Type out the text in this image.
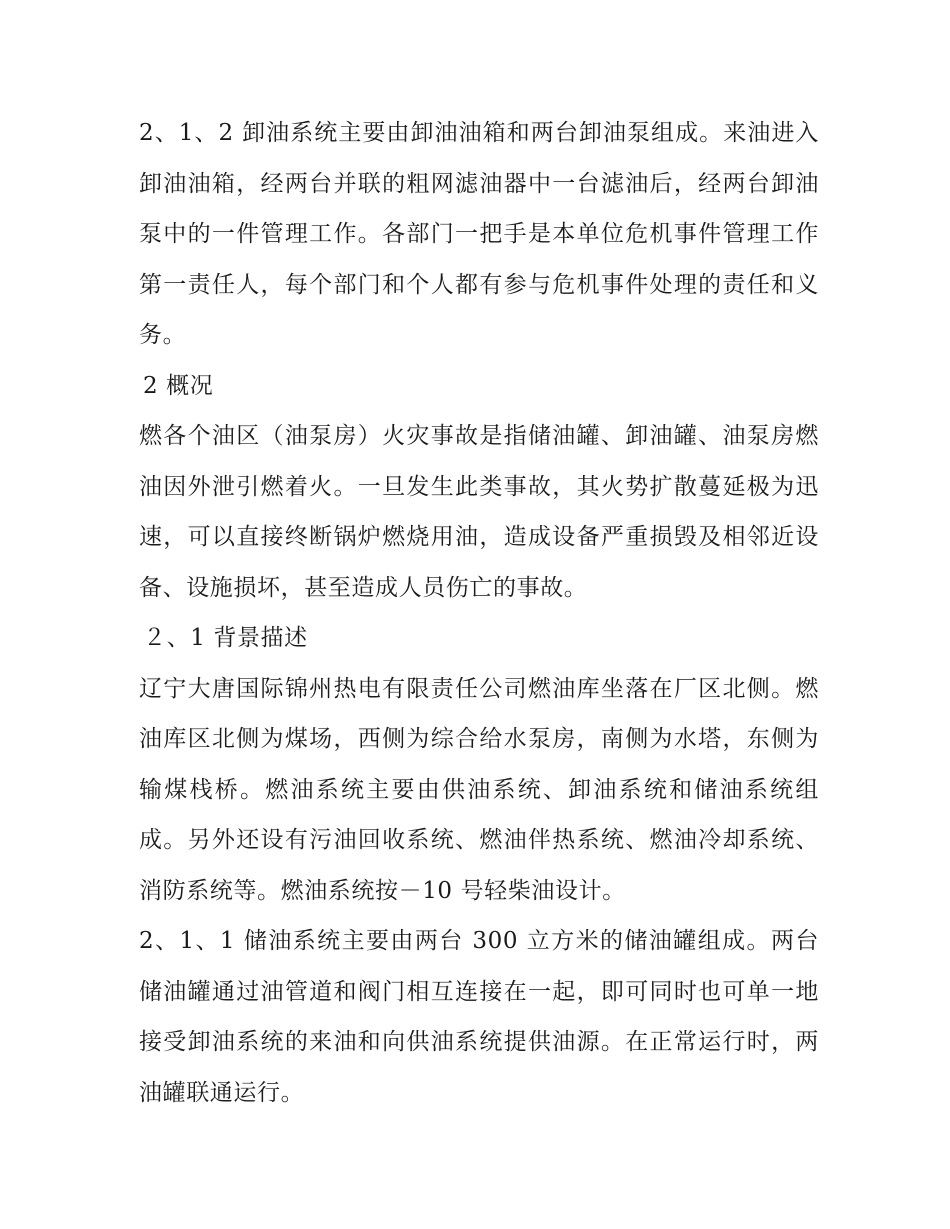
2、1、2 卸油系统主要由卸油油箱和两台卸油泵组成。来油进入卸油油箱，经两台并联的粗网滤油器中一台滤油后，经两台卸油泵中的一件管理工作。各部门一把手是本单位危机事件管理工作第一责任人，每个部门和个人都有参与危机事件处理的责任和义务。

2 概况

燃各个油区（油泵房）火灾事故是指储油罐、卸油罐、油泵房燃油因外泄引燃着火。一旦发生此类事故，其火势扩散蔓延极为迅速，可以直接终断锅炉燃烧用油，造成设备严重损毁及相邻近设备、设施损坏，甚至造成人员伤亡的事故。

２、1 背景描述

辽宁大唐国际锦州热电有限责任公司燃油库坐落在厂区北侧。燃油库区北侧为煤场，西侧为综合给水泵房，南侧为水塔，东侧为输煤栈桥。燃油系统主要由供油系统、卸油系统和储油系统组成。另外还设有污油回收系统、燃油伴热系统、燃油冷却系统、消防系统等。燃油系统按－10 号轻柴油设计。

2、1、1 储油系统主要由两台 300 立方米的储油罐组成。两台储油罐通过油管道和阀门相互连接在一起，即可同时也可单一地接受卸油系统的来油和向供油系统提供油源。在正常运行时，两油罐联通运行。
